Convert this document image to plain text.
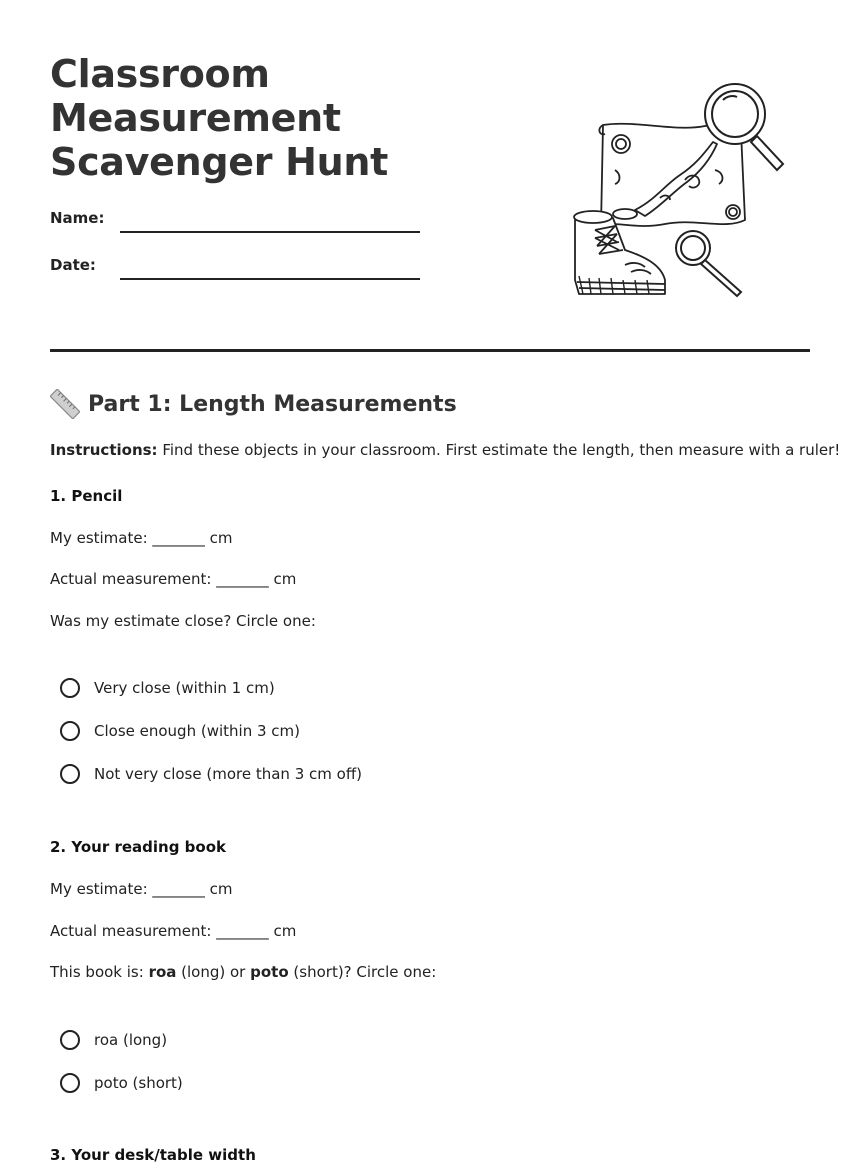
Classroom
Measurement
Scavenger Hunt
Name:
Date:
Part 1: Length Measurements
Instructions: Find these objects in your classroom. First estimate the length, then measure with a ruler!
1. Pencil
My estimate: _______ cm
Actual measurement: _______ cm
Was my estimate close? Circle one:
Very close (within 1 cm)
Close enough (within 3 cm)
Not very close (more than 3 cm off)
2. Your reading book
My estimate: _______ cm
Actual measurement: _______ cm
This book is: roa (long) or poto (short)? Circle one:
roa (long)
poto (short)
3. Your desk/table width
